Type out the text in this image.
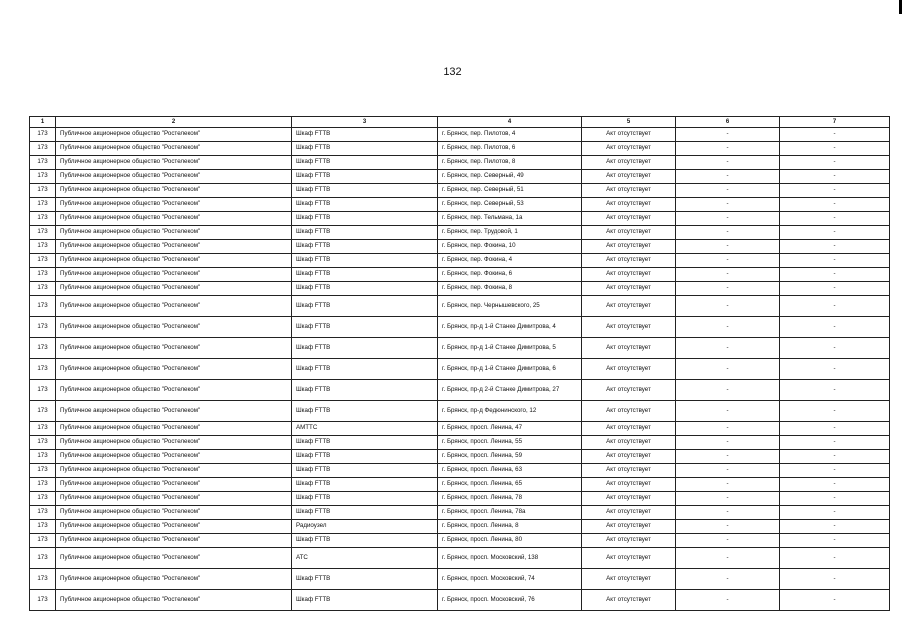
132
1	2	3	4	5	6	7
173	Публичное акционерное общество "Ростелеком"	Шкаф FTTB	г. Брянск, пер. Пилотов, 4	Акт отсутствует	-	-
173	Публичное акционерное общество "Ростелеком"	Шкаф FTTB	г. Брянск, пер. Пилотов, 6	Акт отсутствует	-	-
173	Публичное акционерное общество "Ростелеком"	Шкаф FTTB	г. Брянск, пер. Пилотов, 8	Акт отсутствует	-	-
173	Публичное акционерное общество "Ростелеком"	Шкаф FTTB	г. Брянск, пер. Северный, 49	Акт отсутствует	-	-
173	Публичное акционерное общество "Ростелеком"	Шкаф FTTB	г. Брянск, пер. Северный, 51	Акт отсутствует	-	-
173	Публичное акционерное общество "Ростелеком"	Шкаф FTTB	г. Брянск, пер. Северный, 53	Акт отсутствует	-	-
173	Публичное акционерное общество "Ростелеком"	Шкаф FTTB	г. Брянск, пер. Тельмана, 1а	Акт отсутствует	-	-
173	Публичное акционерное общество "Ростелеком"	Шкаф FTTB	г. Брянск, пер. Трудовой, 1	Акт отсутствует	-	-
173	Публичное акционерное общество "Ростелеком"	Шкаф FTTB	г. Брянск, пер. Фокина, 10	Акт отсутствует	-	-
173	Публичное акционерное общество "Ростелеком"	Шкаф FTTB	г. Брянск, пер. Фокина, 4	Акт отсутствует	-	-
173	Публичное акционерное общество "Ростелеком"	Шкаф FTTB	г. Брянск, пер. Фокина, 6	Акт отсутствует	-	-
173	Публичное акционерное общество "Ростелеком"	Шкаф FTTB	г. Брянск, пер. Фокина, 8	Акт отсутствует	-	-
173	Публичное акционерное общество "Ростелеком"	Шкаф FTTB	г. Брянск, пер. Чернышевского, 25	Акт отсутствует	-	-
173	Публичное акционерное общество "Ростелеком"	Шкаф FTTB	г. Брянск, пр-д 1-й Станке Димитрова, 4	Акт отсутствует	-	-
173	Публичное акционерное общество "Ростелеком"	Шкаф FTTB	г. Брянск, пр-д 1-й Станке Димитрова, 5	Акт отсутствует	-	-
173	Публичное акционерное общество "Ростелеком"	Шкаф FTTB	г. Брянск, пр-д 1-й Станке Димитрова, 6	Акт отсутствует	-	-
173	Публичное акционерное общество "Ростелеком"	Шкаф FTTB	г. Брянск, пр-д 2-й Станке Димитрова, 27	Акт отсутствует	-	-
173	Публичное акционерное общество "Ростелеком"	Шкаф FTTB	г. Брянск, пр-д Федюнинского, 12	Акт отсутствует	-	-
173	Публичное акционерное общество "Ростелеком"	АМТТС	г. Брянск, просп. Ленина, 47	Акт отсутствует	-	-
173	Публичное акционерное общество "Ростелеком"	Шкаф FTTB	г. Брянск, просп. Ленина, 55	Акт отсутствует	-	-
173	Публичное акционерное общество "Ростелеком"	Шкаф FTTB	г. Брянск, просп. Ленина, 59	Акт отсутствует	-	-
173	Публичное акционерное общество "Ростелеком"	Шкаф FTTB	г. Брянск, просп. Ленина, 63	Акт отсутствует	-	-
173	Публичное акционерное общество "Ростелеком"	Шкаф FTTB	г. Брянск, просп. Ленина, 65	Акт отсутствует	-	-
173	Публичное акционерное общество "Ростелеком"	Шкаф FTTB	г. Брянск, просп. Ленина, 78	Акт отсутствует	-	-
173	Публичное акционерное общество "Ростелеком"	Шкаф FTTB	г. Брянск, просп. Ленина, 78а	Акт отсутствует	-	-
173	Публичное акционерное общество "Ростелеком"	Радиоузел	г. Брянск, просп. Ленина, 8	Акт отсутствует	-	-
173	Публичное акционерное общество "Ростелеком"	Шкаф FTTB	г. Брянск, просп. Ленина, 80	Акт отсутствует	-	-
173	Публичное акционерное общество "Ростелеком"	АТС	г. Брянск, просп. Московский, 138	Акт отсутствует	-	-
173	Публичное акционерное общество "Ростелеком"	Шкаф FTTB	г. Брянск, просп. Московский, 74	Акт отсутствует	-	-
173	Публичное акционерное общество "Ростелеком"	Шкаф FTTB	г. Брянск, просп. Московский, 76	Акт отсутствует	-	-
